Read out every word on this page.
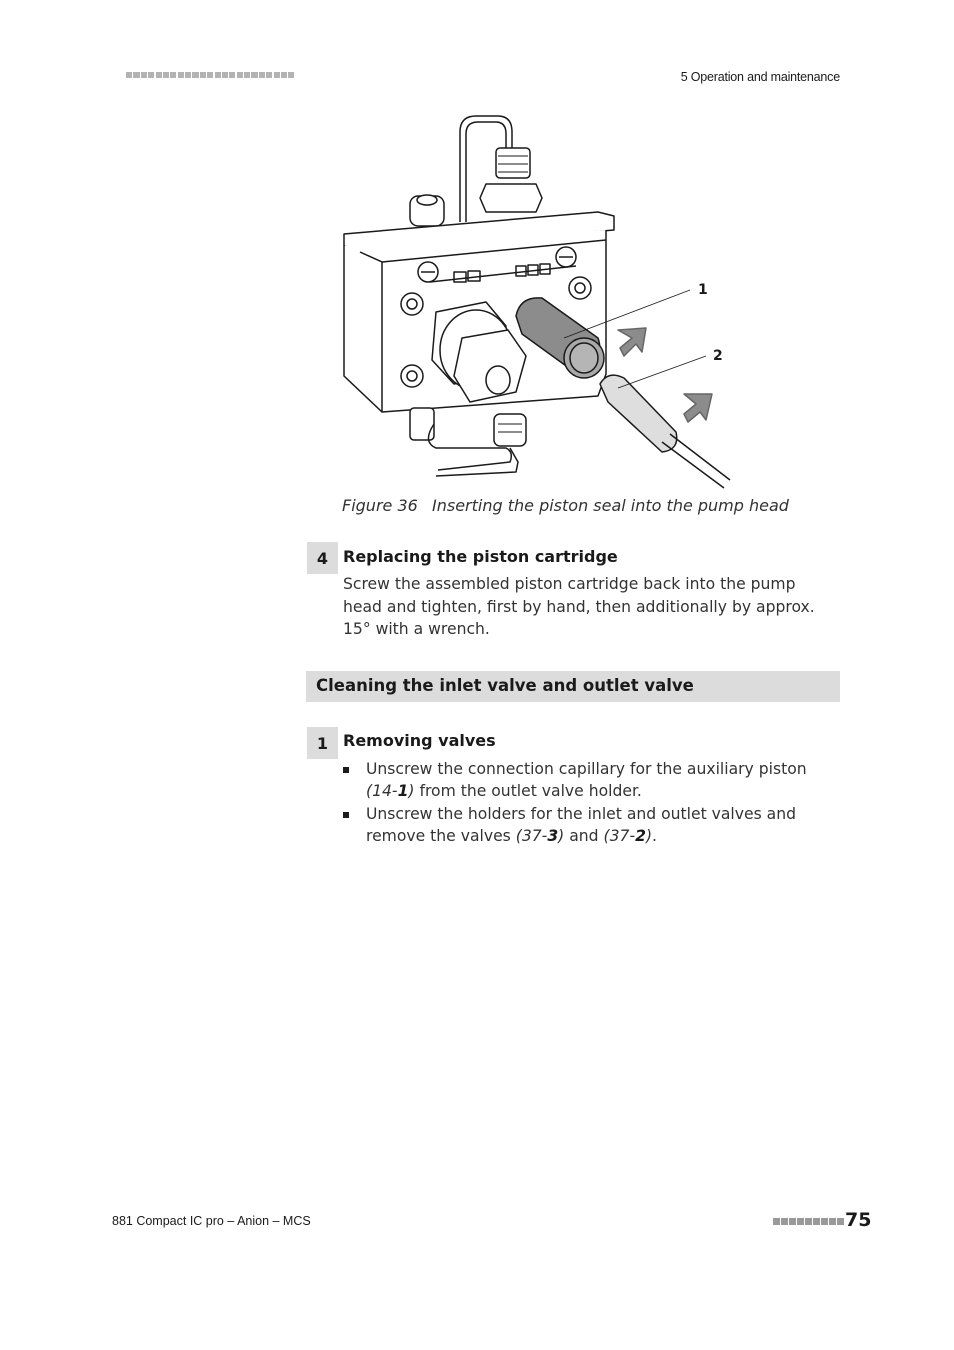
5 Operation and maintenance
1
2
Figure 36 Inserting the piston seal into the pump head
4 Replacing the piston cartridge
Screw the assembled piston cartridge back into the pump head and tighten, first by hand, then additionally by approx. 15° with a wrench.
Cleaning the inlet valve and outlet valve
1 Removing valves
Unscrew the connection capillary for the auxiliary piston (14-1) from the outlet valve holder.
Unscrew the holders for the inlet and outlet valves and remove the valves (37-3) and (37-2).
881 Compact IC pro – Anion – MCS	75
